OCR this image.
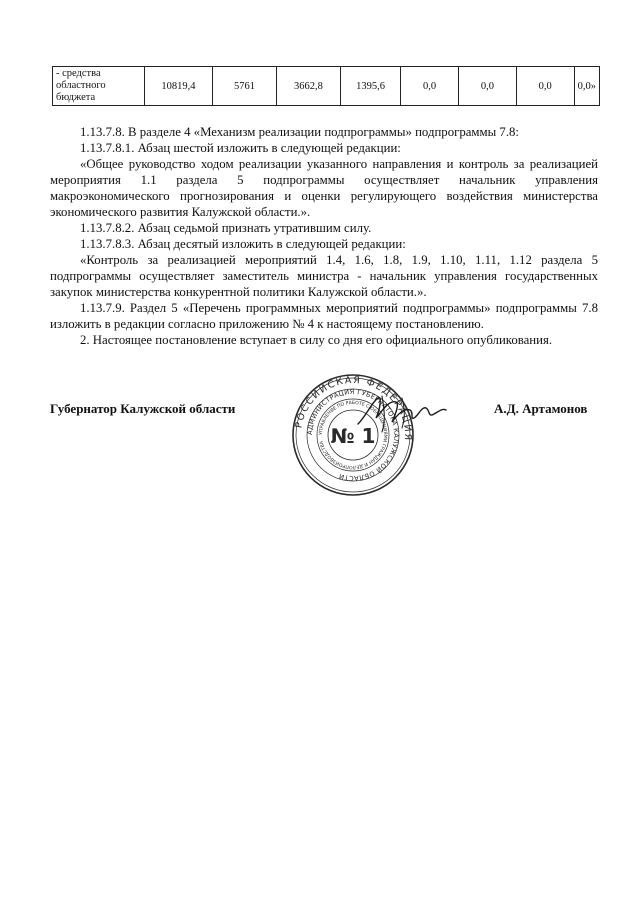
- средства
областного
бюджета
	10819,4	5761	3662,8	1395,6	0,0	0,0	0,0	0,0»

1.13.7.8. В разделе 4 «Механизм реализации подпрограммы» подпрограммы 7.8:

1.13.7.8.1. Абзац шестой изложить в следующей редакции:

«Общее руководство ходом реализации указанного направления и контроль за реализацией мероприятия 1.1 раздела 5 подпрограммы осуществляет начальник управления макроэкономического прогнозирования и оценки регулирующего воздействия министерства экономического развития Калужской области.».

1.13.7.8.2. Абзац седьмой признать утратившим силу.

1.13.7.8.3. Абзац десятый изложить в следующей редакции:

«Контроль за реализацией мероприятий 1.4, 1.6, 1.8, 1.9, 1.10, 1.11, 1.12 раздела 5 подпрограммы осуществляет заместитель министра - начальник управления государственных закупок министерства конкурентной политики Калужской области.».

1.13.7.9. Раздел 5 «Перечень программных мероприятий подпрограммы» подпрограммы 7.8 изложить в редакции согласно приложению № 4 к настоящему постановлению.

2. Настоящее постановление вступает в силу со дня его официального опубликования.

Губернатор Калужской области	А.Д. Артамонов
РОССИЙСКАЯ ФЕДЕРАЦИЯ
АДМИНИСТРАЦИЯ ГУБЕРНАТОРА КАЛУЖСКОЙ ОБЛАСТИ
УПРАВЛЕНИЕ ПО РАБОТЕ С ОБРАЩЕНИЯМИ ГРАЖДАН И ДЕЛОПРОИЗВОДСТВА № 1
